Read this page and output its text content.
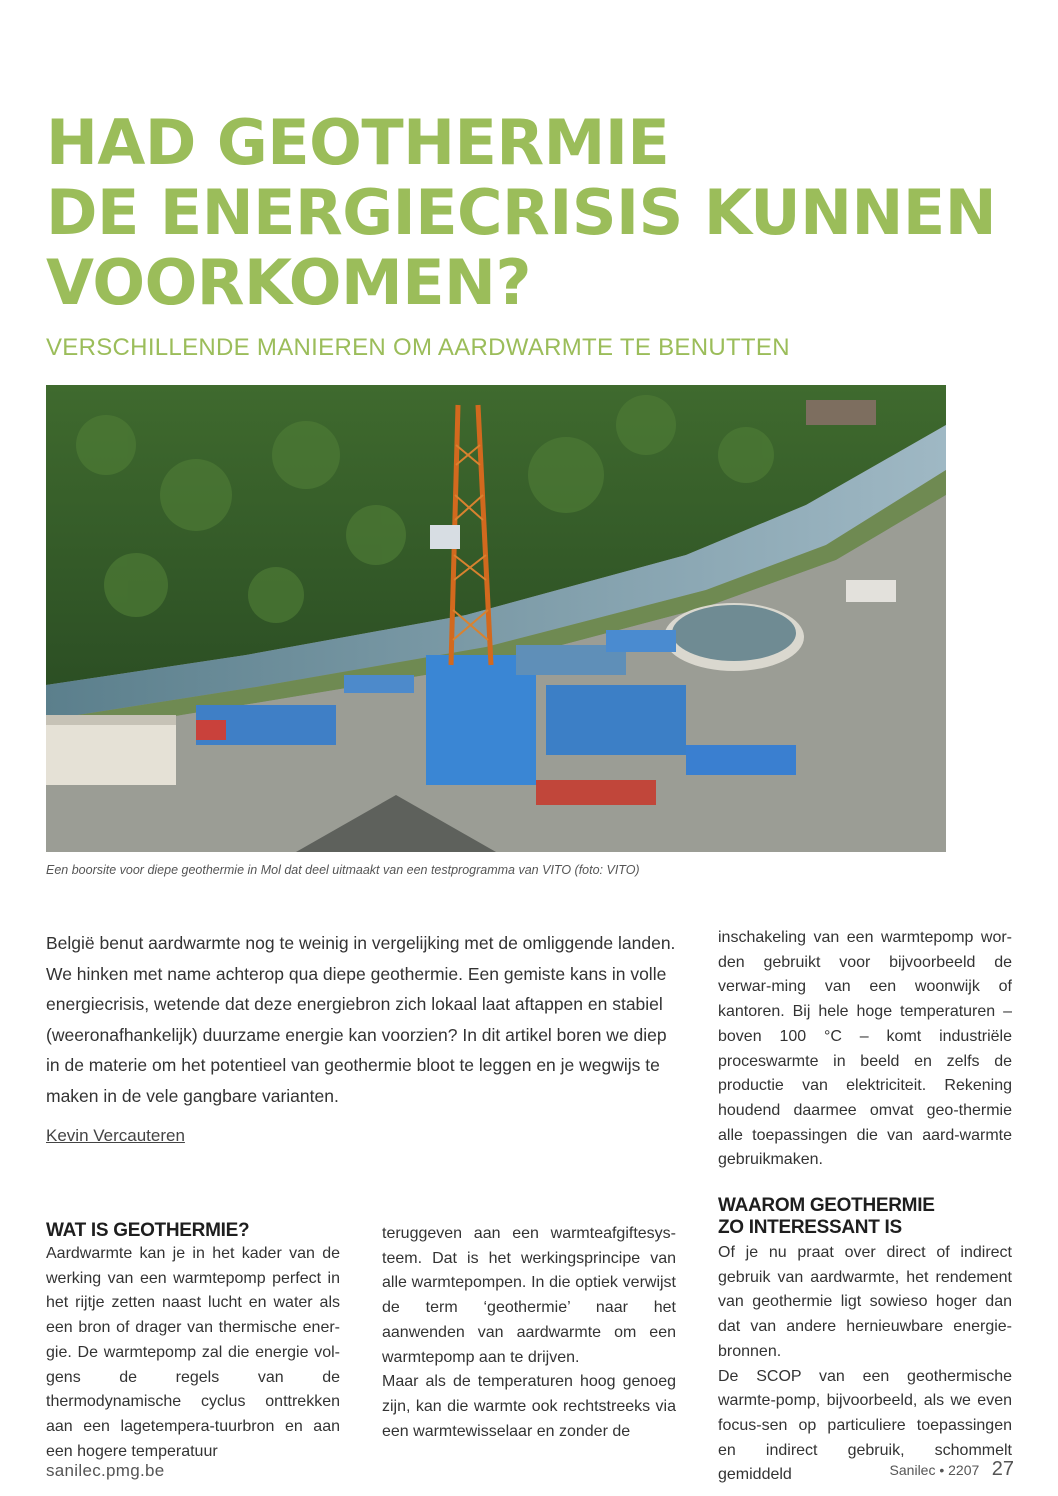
HAD GEOTHERMIE
DE ENERGIECRISIS KUNNEN
VOORKOMEN?
VERSCHILLENDE MANIEREN OM AARDWARMTE TE BENUTTEN
Een boorsite voor diepe geothermie in Mol dat deel uitmaakt van een testprogramma van VITO (foto: VITO)

België benut aardwarmte nog te weinig in vergelijking met de omliggende landen. We hinken met name achterop qua diepe geothermie. Een gemiste kans in volle energiecrisis, wetende dat deze energiebron zich lokaal laat aftappen en stabiel (weeronafhankelijk) duurzame energie kan voorzien? In dit artikel boren we diep in de materie om het potentieel van geothermie bloot te leggen en je wegwijs te maken in de vele gangbare varianten.

Kevin Vercauteren
WAT IS GEOTHERMIE?

Aardwarmte kan je in het kader van de werking van een warmtepomp perfect in het rijtje zetten naast lucht en water als een bron of drager van thermische ener-gie. De warmtepomp zal die energie vol-gens de regels van de thermodynamische cyclus onttrekken aan een lagetempera-tuurbron en aan een hogere temperatuur

teruggeven aan een warmteafgiftesys-teem. Dat is het werkingsprincipe van alle warmtepompen. In die optiek verwijst de term ‘geothermie’ naar het aanwenden van aardwarmte om een warmtepomp aan te drijven.

Maar als de temperaturen hoog genoeg zijn, kan die warmte ook rechtstreeks via een warmtewisselaar en zonder de

inschakeling van een warmtepomp wor-den gebruikt voor bijvoorbeeld de verwar-ming van een woonwijk of kantoren. Bij hele hoge temperaturen – boven 100 °C – komt industriële proceswarmte in beeld en zelfs de productie van elektriciteit. Rekening houdend daarmee omvat geo-thermie alle toepassingen die van aard-warmte gebruikmaken.

WAAROM GEOTHERMIE
ZO INTERESSANT IS

Of je nu praat over direct of indirect gebruik van aardwarmte, het rendement van geothermie ligt sowieso hoger dan dat van andere hernieuwbare energie-bronnen.

De SCOP van een geothermische warmte-pomp, bijvoorbeeld, als we even focus-sen op particuliere toepassingen en indirect gebruik, schommelt gemiddeld

sanilec.pmg.be	Sanilec • 2207 27
